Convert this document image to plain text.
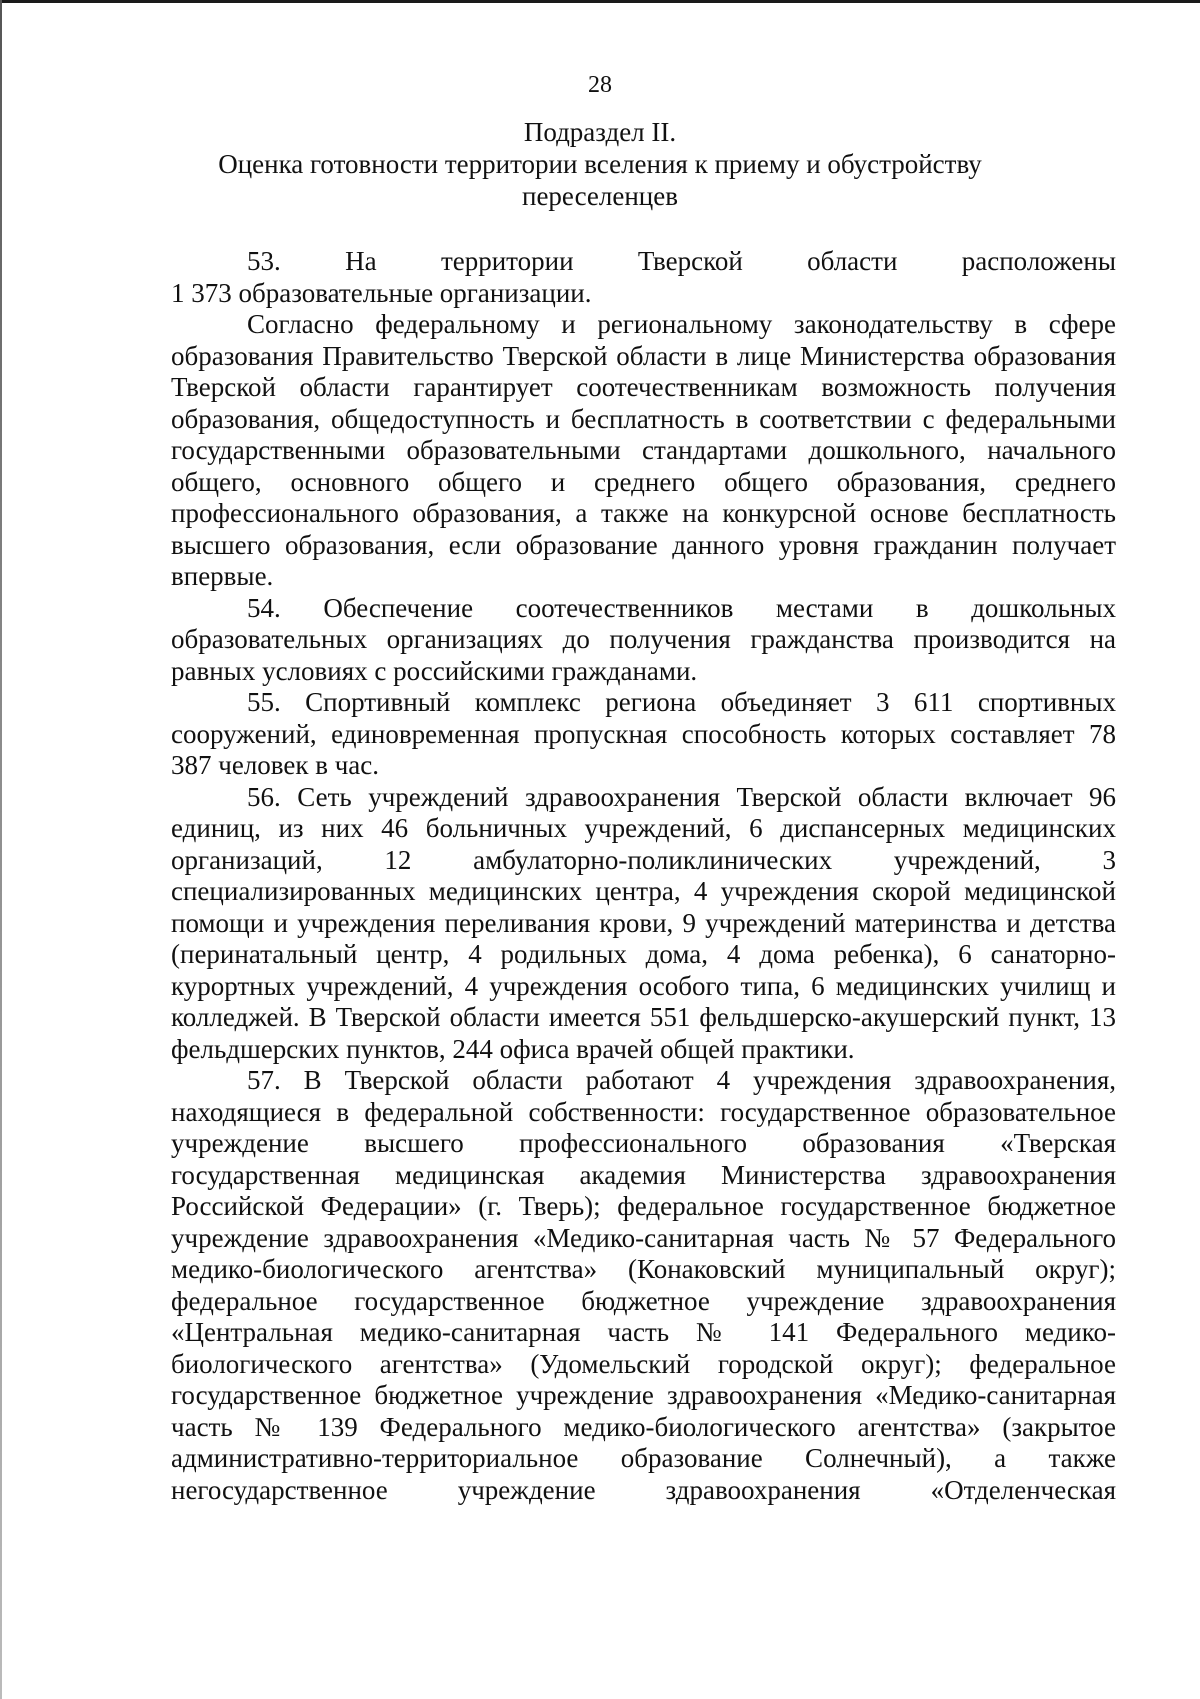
28
Подраздел II.
Оценка готовности территории вселения к приему и обустройству
переселенцев

53. На территории Тверской области расположены

1 373 образовательные организации.

Согласно федеральному и региональному законодательству в сфере образования Правительство Тверской области в лице Министерства образования Тверской области гарантирует соотечественникам возможность получения образования, общедоступность и бесплатность в соответствии с федеральными государственными образовательными стандартами дошкольного, начального общего, основного общего и среднего общего образования, среднего профессионального образования, а также на конкурсной основе бесплатность высшего образования, если образование данного уровня гражданин получает впервые.

54. Обеспечение соотечественников местами в дошкольных образовательных организациях до получения гражданства производится на равных условиях с российскими гражданами.

55. Спортивный комплекс региона объединяет 3 611 спортивных сооружений, единовременная пропускная способность которых составляет 78 387 человек в час.

56. Сеть учреждений здравоохранения Тверской области включает 96 единиц, из них 46 больничных учреждений, 6 диспансерных медицинских организаций, 12 амбулаторно-поликлинических учреждений, 3 специализированных медицинских центра, 4 учреждения скорой медицинской помощи и учреждения переливания крови, 9 учреждений материнства и детства (перинатальный центр, 4 родильных дома, 4 дома ребенка), 6 санаторно-курортных учреждений, 4 учреждения особого типа, 6 медицинских училищ и колледжей. В Тверской области имеется 551 фельдшерско-акушерский пункт, 13 фельдшерских пунктов, 244 офиса врачей общей практики.

57. В Тверской области работают 4 учреждения здравоохранения, находящиеся в федеральной собственности: государственное образовательное учреждение высшего профессионального образования «Тверская государственная медицинская академия Министерства здравоохранения Российской Федерации» (г. Тверь); федеральное государственное бюджетное учреждение здравоохранения «Медико-санитарная часть № 57 Федерального медико-биологического агентства» (Конаковский муниципальный округ); федеральное государственное бюджетное учреждение здравоохранения «Центральная медико-санитарная часть № 141 Федерального медико-биологического агентства» (Удомельский городской округ); федеральное государственное бюджетное учреждение здравоохранения «Медико-санитарная часть № 139 Федерального медико-биологического агентства» (закрытое административно-территориальное образование Солнечный), а также негосударственное учреждение здравоохранения «Отделенческая
